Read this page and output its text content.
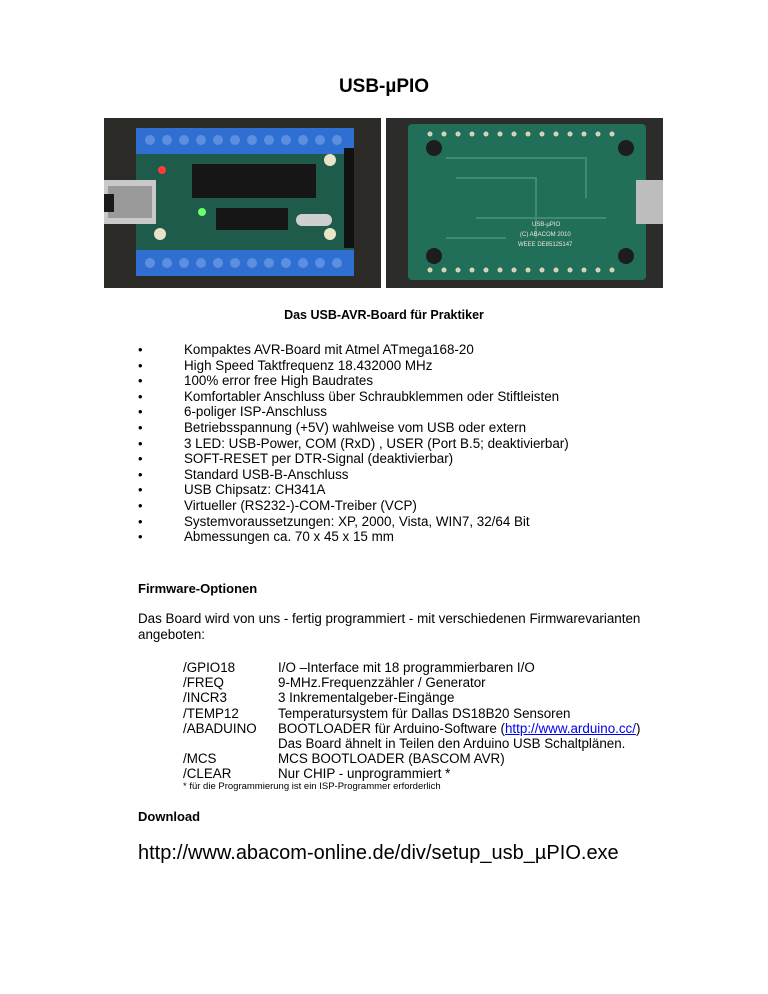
USB-µPIO
USB-µPIO
(C) ABACOM 2010
WEEE DE85125147
Das USB-AVR-Board für Praktiker
• Kompaktes AVR-Board mit Atmel ATmega168-20
• High Speed Taktfrequenz 18.432000 MHz
• 100% error free High Baudrates
• Komfortabler Anschluss über Schraubklemmen oder Stiftleisten
• 6-poliger ISP-Anschluss
• Betriebsspannung (+5V) wahlweise vom USB oder extern
• 3 LED: USB-Power, COM (RxD) , USER (Port B.5; deaktivierbar)
• SOFT-RESET per DTR-Signal (deaktivierbar)
• Standard USB-B-Anschluss
• USB Chipsatz: CH341A
• Virtueller (RS232-)-COM-Treiber (VCP)
• Systemvoraussetzungen: XP, 2000, Vista, WIN7, 32/64 Bit
• Abmessungen ca. 70 x 45 x 15 mm
Firmware-Optionen
Das Board wird von uns - fertig programmiert - mit verschiedenen Firmwarevarianten angeboten:
/GPIO18	I/O –Interface mit 18 programmierbaren I/O
/FREQ	9-MHz.Frequenzzähler / Generator
/INCR3	3 Inkrementalgeber-Eingänge
/TEMP12	Temperatursystem für Dallas DS18B20 Sensoren
/ABADUINO	BOOTLOADER für Arduino-Software (http://www.arduino.cc/)
	Das Board ähnelt in Teilen den Arduino USB Schaltplänen.
/MCS	MCS BOOTLOADER (BASCOM AVR)
/CLEAR	Nur CHIP - unprogrammiert *
* für die Programmierung ist ein ISP-Programmer erforderlich
Download
http://www.abacom-online.de/div/setup_usb_µPIO.exe
